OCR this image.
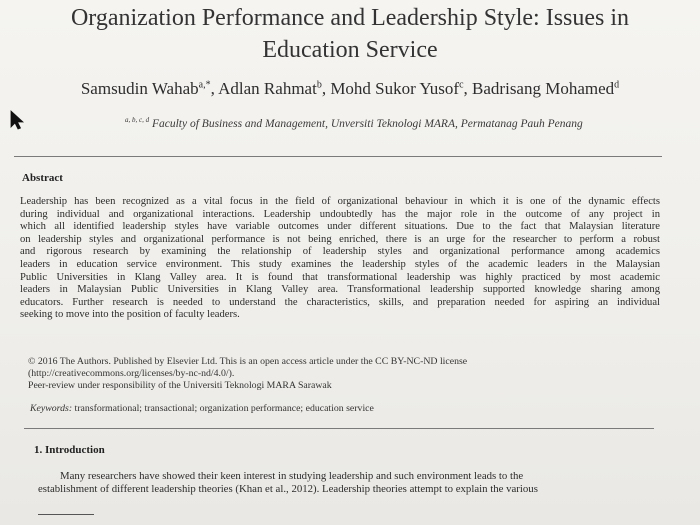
Organization Performance and Leadership Style: Issues in
Education Service
Samsudin Wahab$^{a,*}$, Adlan Rahmat$^b$, Mohd Sukor Yusof$^c$, Badrisang Mohamed$^d$
$^{a, b, c, d}$ Faculty of Business and Management, Unversiti Teknologi MARA, Permatanag Pauh Penang
Abstract
Leadership has been recognized as a vital focus in the field of organizational behaviour in which it is one of the dynamic effects
during individual and organizational interactions. Leadership undoubtedly has the major role in the outcome of any project in
which all identified leadership styles have variable outcomes under different situations. Due to the fact that Malaysian literature
on leadership styles and organizational performance is not being enriched, there is an urge for the researcher to perform a robust
and rigorous research by examining the relationship of leadership styles and organizational performance among academics
leaders in education service environment. This study examines the leadership styles of the academic leaders in the Malaysian
Public Universities in Klang Valley area. It is found that transformational leadership was highly practiced by most academic
leaders in Malaysian Public Universities in Klang Valley area. Transformational leadership supported knowledge sharing among
educators. Further research is needed to understand the characteristics, skills, and preparation needed for aspiring an individual
seeking to move into the position of faculty leaders.
© 2016 The Authors. Published by Elsevier Ltd. This is an open access article under the CC BY-NC-ND license
(http://creativecommons.org/licenses/by-nc-nd/4.0/).
Peer-review under responsibility of the Universiti Teknologi MARA Sarawak
Keywords: transformational; transactional; organization performance; education service
1. Introduction
Many researchers have showed their keen interest in studying leadership and such environment leads to the
establishment of different leadership theories (Khan et al., 2012). Leadership theories attempt to explain the various
